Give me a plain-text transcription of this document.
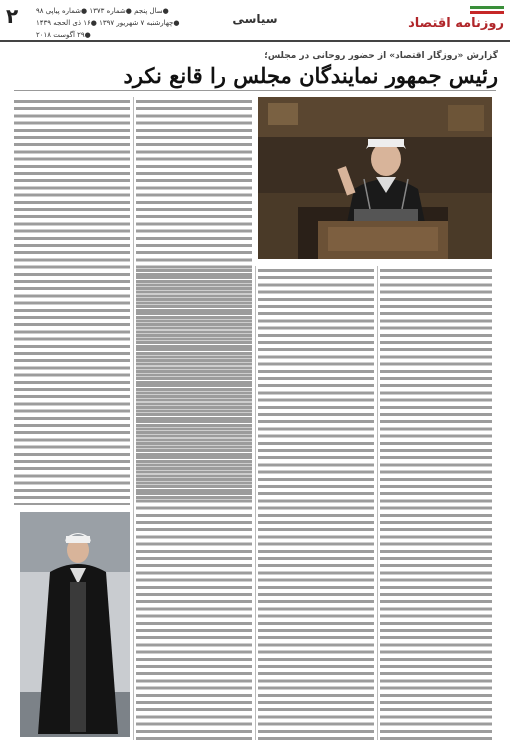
روزنامه اقتصاد
سیاسی
●سال پنجم ●شماره ۱۳۷۳ ●شماره پیاپی ۹۸
●چهارشنبه ۷ شهریور ۱۳۹۷ ●۱۶ ذی الحجه ۱۴۳۹ ●۲۹ آگوست ۲۰۱۸
۲
گزارش «روزگار اقتصاد» از حضور روحانی در مجلس؛
رئیس جمهور نمایندگان مجلس را قانع نکرد
